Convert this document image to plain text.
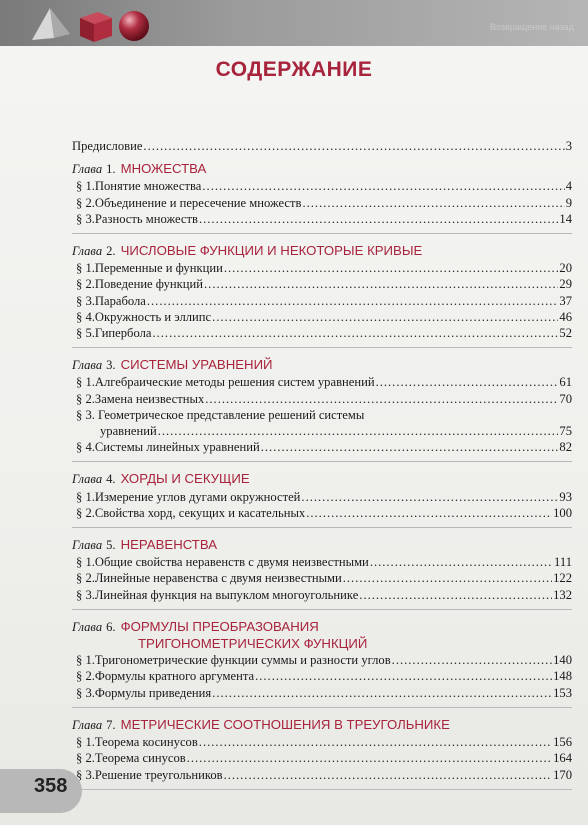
Возвращение назад
СОДЕРЖАНИЕ
Предисловие .....	3
Глава 1. МНОЖЕСТВА
§ 1. Понятие множества .....	4
§ 2. Объединение и пересечение множеств .....	9
§ 3. Разность множеств .....	14
Глава 2. ЧИСЛОВЫЕ ФУНКЦИИ И НЕКОТОРЫЕ КРИВЫЕ
§ 1. Переменные и функции .....	20
§ 2. Поведение функций .....	29
§ 3. Парабола .....	37
§ 4. Окружность и эллипс .....	46
§ 5. Гипербола .....	52
Глава 3. СИСТЕМЫ УРАВНЕНИЙ
§ 1. Алгебраические методы решения систем уравнений .....	61
§ 2. Замена неизвестных .....	70
§ 3. Геометрическое представление решений системы
уравнений .....	75
§ 4. Системы линейных уравнений .....	82
Глава 4. ХОРДЫ И СЕКУЩИЕ
§ 1. Измерение углов дугами окружностей .....	93
§ 2. Свойства хорд, секущих и касательных .....	100
Глава 5. НЕРАВЕНСТВА
§ 1. Общие свойства неравенств с двумя неизвестными .....	111
§ 2. Линейные неравенства с двумя неизвестными .....	122
§ 3. Линейная функция на выпуклом многоугольнике .....	132
Глава 6. ФОРМУЛЫ ПРЕОБРАЗОВАНИЯ
ТРИГОНОМЕТРИЧЕСКИХ ФУНКЦИЙ
§ 1. Тригонометрические функции суммы и разности углов .....	140
§ 2. Формулы кратного аргумента .....	148
§ 3. Формулы приведения .....	153
Глава 7. МЕТРИЧЕСКИЕ СООТНОШЕНИЯ В ТРЕУГОЛЬНИКЕ
§ 1. Теорема косинусов .....	156
§ 2. Теорема синусов .....	164
§ 3. Решение треугольников .....	170
358
